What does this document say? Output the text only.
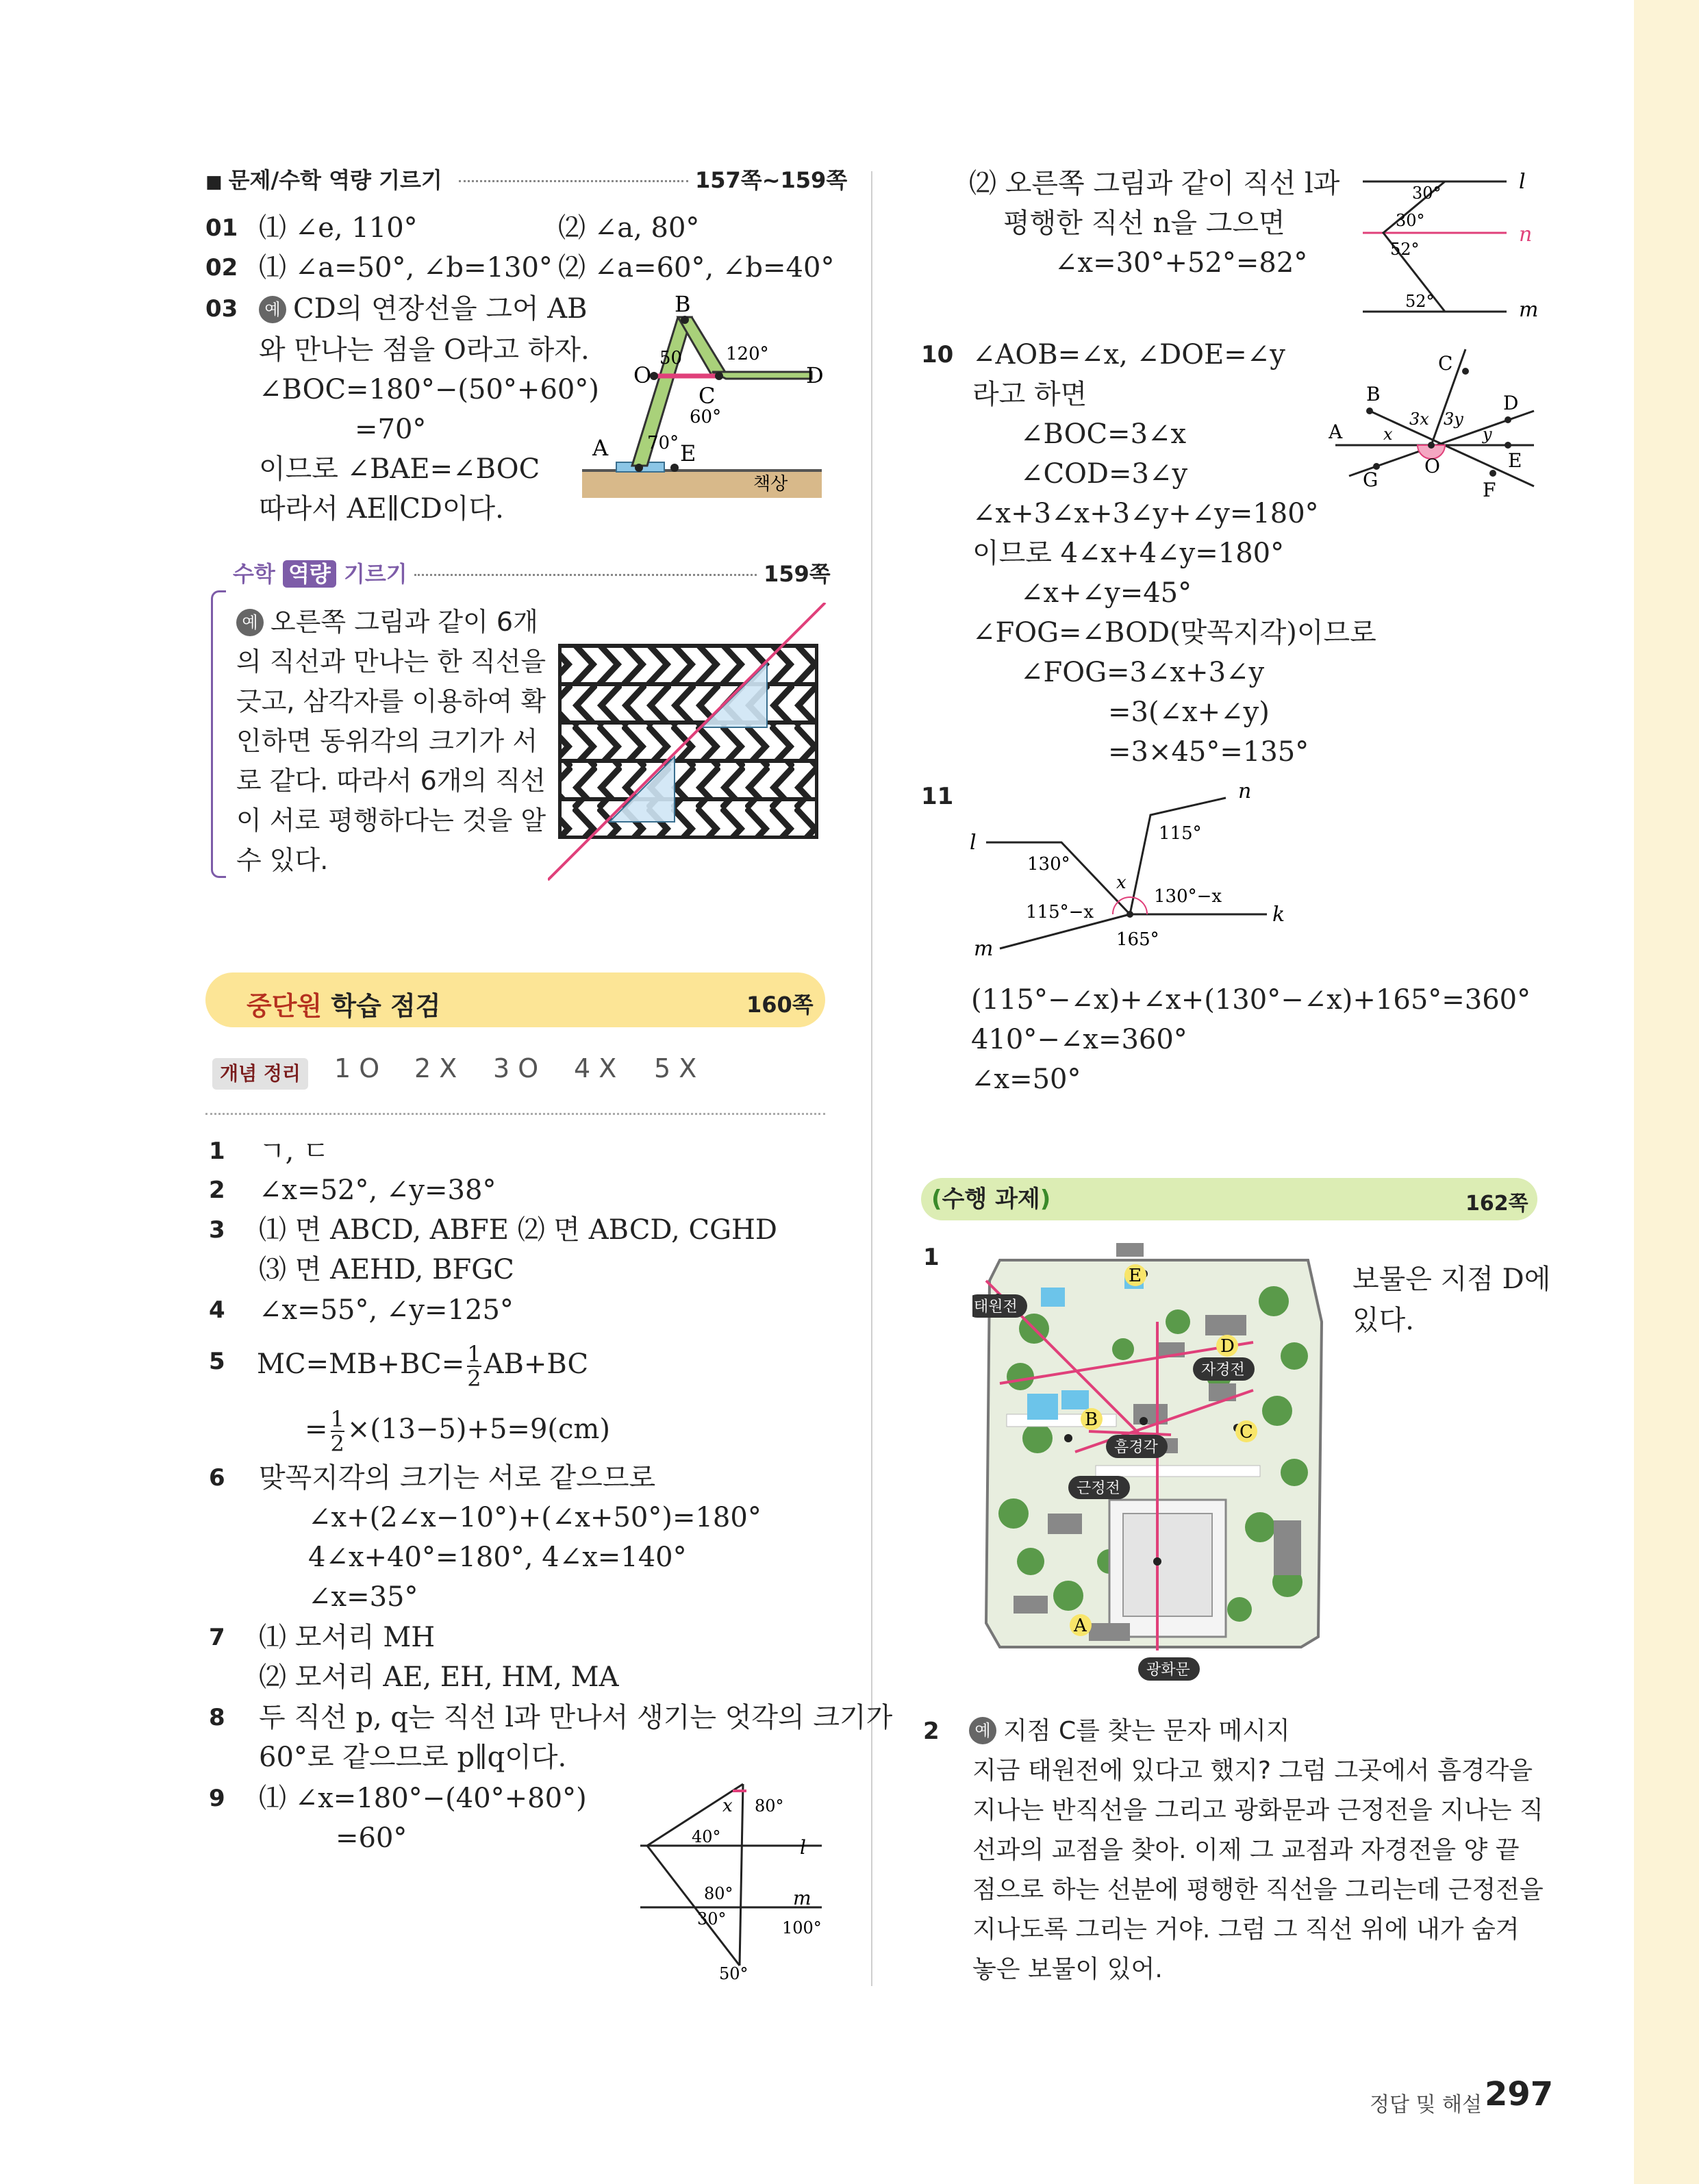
■ 문제/수학 역량 기르기	157쪽~159쪽
01 ⑴ ∠e, 110°	⑵ ∠a, 80°
02 ⑴ ∠a=50°, ∠b=130° ⑵ ∠a=60°, ∠b=40°
03	예 CD의 연장선을 그어 AB
와 만나는 점을 O라고 하자.
∠BOC=180°−(50°+60°)
=70°
이므로 ∠BAE=∠BOC
따라서 AE∥CD이다.
B
O
C
D
A	E
50 120°
60°
70°
책상
수학 역량 기르기	159쪽
예 오른쪽 그림과 같이 6개
의 직선과 만나는 한 직선을
긋고, 삼각자를 이용하여 확
인하면 동위각의 크기가 서
로 같다. 따라서 6개의 직선
이 서로 평행하다는 것을 알
수 있다.
중단원 학습 점검	160쪽
개념 정리 1 O 2 X 3 O 4 X 5 X
1 ㄱ, ㄷ
2 ∠x=52°, ∠y=38°
3 ⑴ 면 ABCD, ABFE ⑵ 면 ABCD, CGHD
⑶ 면 AEHD, BFGC
4 ∠x=55°, ∠y=125°
5 $MC=MB+BC= \frac{1}{2} AB+BC$
= $\frac{1}{2} \times(13-5)+5=9(cm)$
6 맞꼭지각의 크기는 서로 같으므로
∠x+(2∠x−10°)+(∠x+50°)=180°
4∠x+40°=180°, 4∠x=140°
∠x=35°
7 ⑴ 모서리 MH
⑵ 모서리 AE, EH, HM, MA
8 두 직선 p, q는 직선 l과 만나서 생기는 엇각의 크기가
60°로 같으므로 p∥q이다.
9 ⑴ ∠x=180°−(40°+80°)
=60°
x
40°
80°
l
m
80°
30°	100°
50°
⑵ 오른쪽 그림과 같이 직선 l과
평행한 직선 n을 그으면
∠x=30°+52°=82°
l
n
m
30°
30°
52°
52°
10 ∠AOB=∠x, ∠DOE=∠y
라고 하면
∠BOC=3∠x
∠COD=3∠y
∠x+3∠x+3∠y+∠y=180°
이므로 4∠x+4∠y=180°
∠x+∠y=45°
∠FOG=∠BOD(맞꼭지각)이므로
∠FOG=3∠x+3∠y
=3(∠x+∠y)
=3×45°=135°
A
B
C
D
E
F
G
O
x	y
3x 3y
11
l
n
k
m
115°
130°
x
130°−x
115°−x
165°
(115°−∠x)+∠x+(130°−∠x)+165°=360°
410°−∠x=360°
∠x=50°
(수행 과제)	162쪽
1
E
D
C
B
A
태원전
자경전
흠경각
근정전
광화문
보물은 지점 D에
있다.
2	예 지점 C를 찾는 문자 메시지
지금 태원전에 있다고 했지? 그럼 그곳에서 흠경각을
지나는 반직선을 그리고 광화문과 근정전을 지나는 직
선과의 교점을 찾아. 이제 그 교점과 자경전을 양 끝
점으로 하는 선분에 평행한 직선을 그리는데 근정전을
지나도록 그리는 거야. 그럼 그 직선 위에 내가 숨겨
놓은 보물이 있어.
정답 및 해설 297
